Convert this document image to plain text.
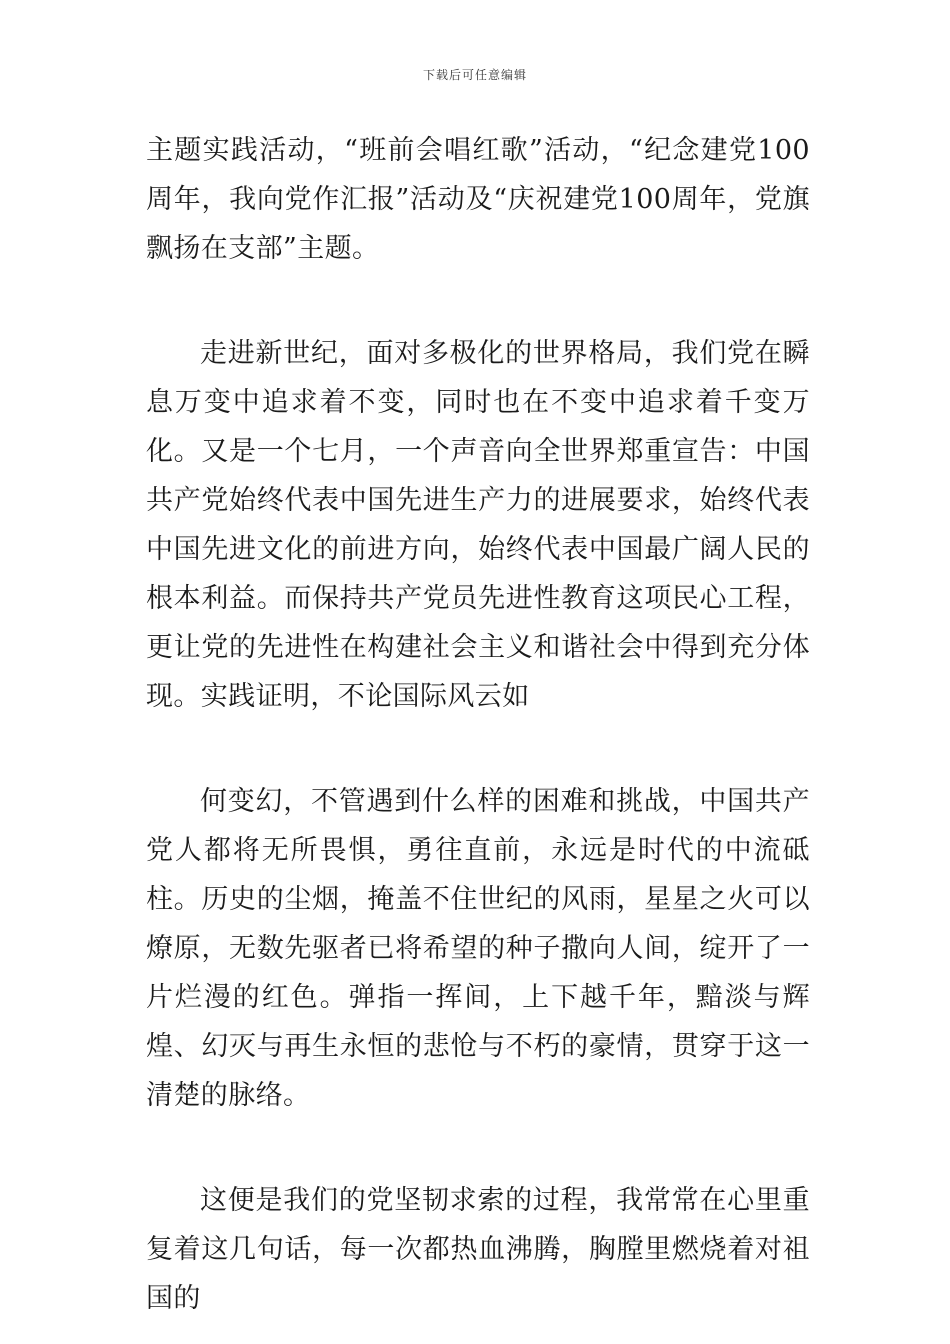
下载后可任意编辑

主题实践活动，“班前会唱红歌”活动，“纪念建党100周年，我向党作汇报”活动及“庆祝建党100周年，党旗飘扬在支部”主题。

走进新世纪，面对多极化的世界格局，我们党在瞬息万变中追求着不变，同时也在不变中追求着千变万化。又是一个七月，一个声音向全世界郑重宣告：中国共产党始终代表中国先进生产力的进展要求，始终代表中国先进文化的前进方向，始终代表中国最广阔人民的根本利益。而保持共产党员先进性教育这项民心工程，更让党的先进性在构建社会主义和谐社会中得到充分体现。实践证明，不论国际风云如

何变幻，不管遇到什么样的困难和挑战，中国共产党人都将无所畏惧，勇往直前，永远是时代的中流砥柱。历史的尘烟，掩盖不住世纪的风雨，星星之火可以燎原，无数先驱者已将希望的种子撒向人间，绽开了一片烂漫的红色。弹指一挥间，上下越千年，黯淡与辉煌、幻灭与再生永恒的悲怆与不朽的豪情，贯穿于这一清楚的脉络。

这便是我们的党坚韧求索的过程，我常常在心里重复着这几句话，每一次都热血沸腾，胸膛里燃烧着对祖国的
